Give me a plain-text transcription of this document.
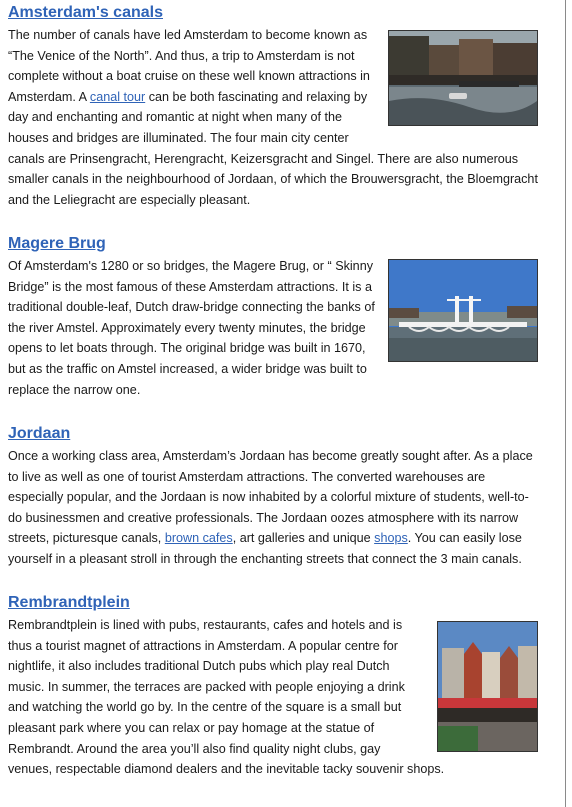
Amsterdam's canals

The number of canals have led Amsterdam to become known as “The Venice of the North”. And thus, a trip to Amsterdam is not complete without a boat cruise on these well known attractions in Amsterdam. A canal tour can be both fascinating and relaxing by day and enchanting and romantic at night when many of the houses and bridges are illuminated. The four main city center canals are Prinsengracht, Herengracht, Keizersgracht and Singel. There are also numerous smaller canals in the neighbourhood of Jordaan, of which the Brouwersgracht, the Bloemgracht and the Leliegracht are especially pleasant.

Magere Brug

Of Amsterdam's 1280 or so bridges, the Magere Brug, or “ Skinny Bridge” is the most famous of these Amsterdam attractions. It is a traditional double-leaf, Dutch draw-bridge connecting the banks of the river Amstel. Approximately every twenty minutes, the bridge opens to let boats through. The original bridge was built in 1670, but as the traffic on Amstel increased, a wider bridge was built to replace the narrow one.

Jordaan

Once a working class area, Amsterdam’s Jordaan has become greatly sought after. As a place to live as well as one of tourist Amsterdam attractions. The converted warehouses are especially popular, and the Jordaan is now inhabited by a colorful mixture of students, well-to-do businessmen and creative professionals. The Jordaan oozes atmosphere with its narrow streets, picturesque canals, brown cafes, art galleries and unique shops. You can easily lose yourself in a pleasant stroll in through the enchanting streets that connect the 3 main canals.

Rembrandtplein

Rembrandtplein is lined with pubs, restaurants, cafes and hotels and is thus a tourist magnet of attractions in Amsterdam. A popular centre for nightlife, it also includes traditional Dutch pubs which play real Dutch music. In summer, the terraces are packed with people enjoying a drink and watching the world go by. In the centre of the square is a small but pleasant park where you can relax or pay homage at the statue of Rembrandt. Around the area you’ll also find quality night clubs, gay venues, respectable diamond dealers and the inevitable tacky souvenir shops.
